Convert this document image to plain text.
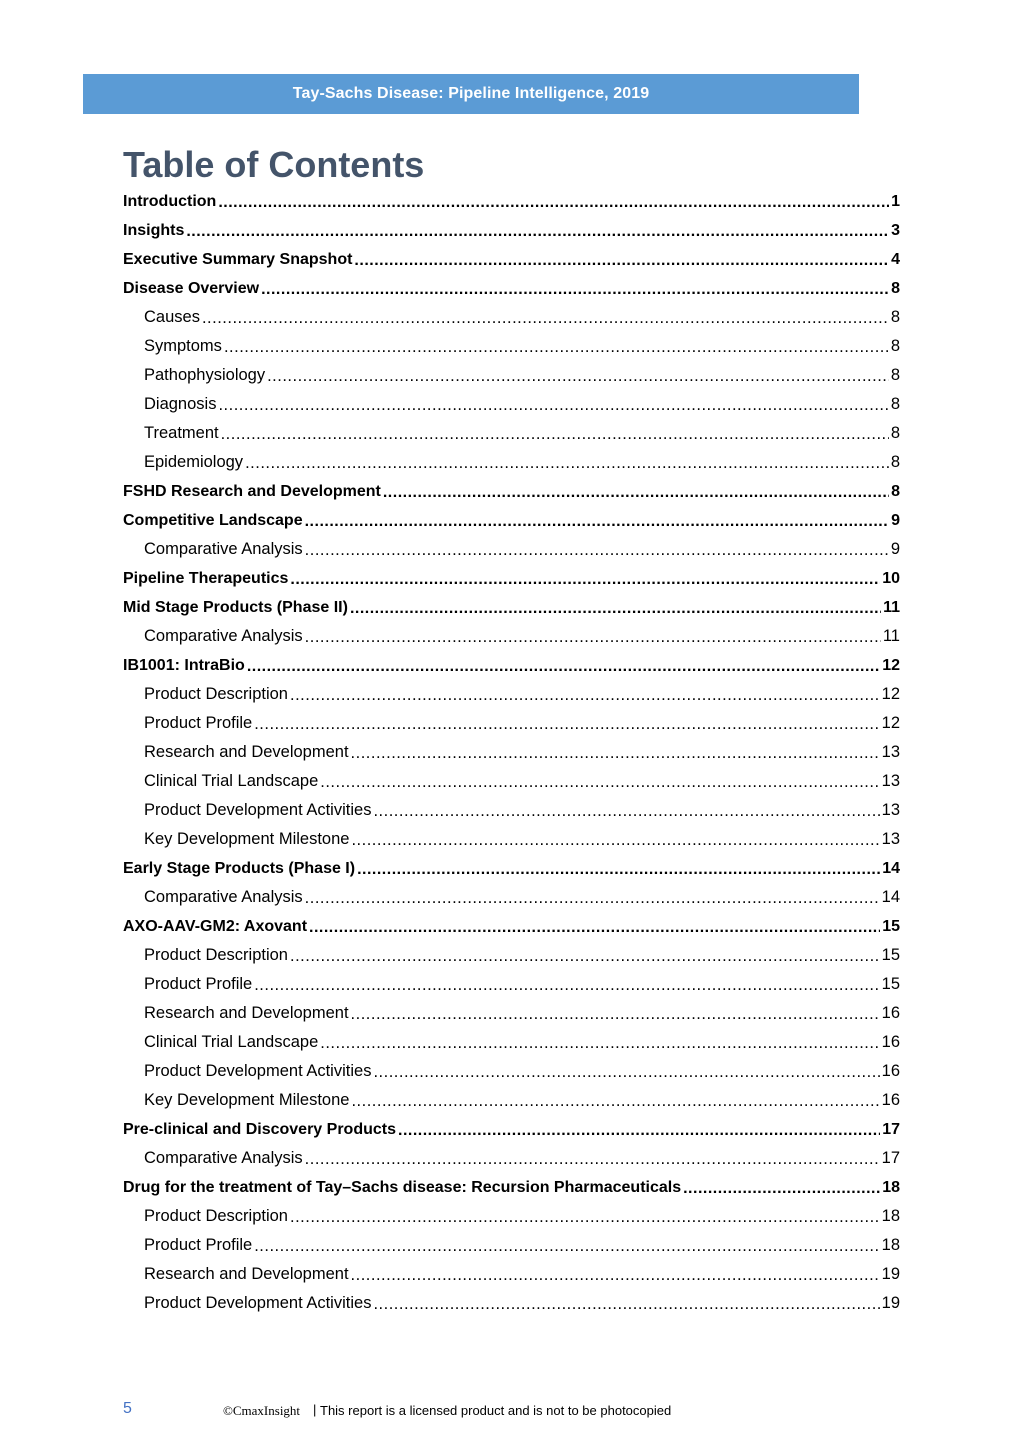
Tay-Sachs Disease: Pipeline Intelligence, 2019
Table of Contents
Introduction .....	1
Insights .....	3
Executive Summary Snapshot .....	4
Disease Overview .....	8
Causes .....	8
Symptoms .....	8
Pathophysiology .....	8
Diagnosis .....	8
Treatment .....	8
Epidemiology .....	8
FSHD Research and Development .....	8
Competitive Landscape .....	9
Comparative Analysis .....	9
Pipeline Therapeutics .....	10
Mid Stage Products (Phase II) .....	11
Comparative Analysis .....	11
IB1001: IntraBio .....	12
Product Description .....	12
Product Profile .....	12
Research and Development .....	13
Clinical Trial Landscape .....	13
Product Development Activities .....	13
Key Development Milestone .....	13
Early Stage Products (Phase I) .....	14
Comparative Analysis .....	14
AXO-AAV-GM2: Axovant .....	15
Product Description .....	15
Product Profile .....	15
Research and Development .....	16
Clinical Trial Landscape .....	16
Product Development Activities .....	16
Key Development Milestone .....	16
Pre-clinical and Discovery Products .....	17
Comparative Analysis .....	17
Drug for the treatment of Tay–Sachs disease: Recursion Pharmaceuticals .....	18
Product Description .....	18
Product Profile .....	18
Research and Development .....	19
Product Development Activities .....	19
5	©CmaxInsight | This report is a licensed product and is not to be photocopied
